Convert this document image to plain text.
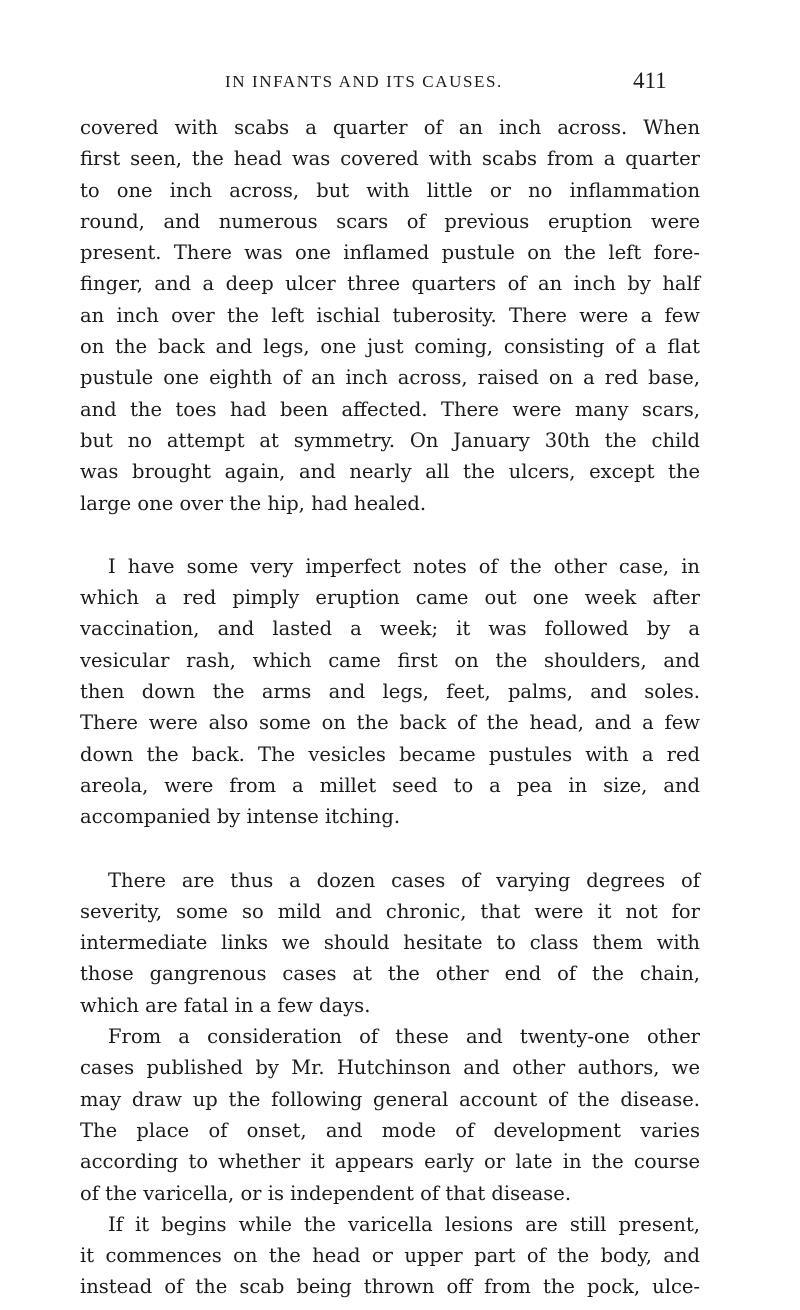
IN INFANTS AND ITS CAUSES.	411

covered with scabs a quarter of an inch across. When
first seen, the head was covered with scabs from a quarter
to one inch across, but with little or no inflammation
round, and numerous scars of previous eruption were
present. There was one inflamed pustule on the left fore-
finger, and a deep ulcer three quarters of an inch by half
an inch over the left ischial tuberosity. There were a few
on the back and legs, one just coming, consisting of a flat
pustule one eighth of an inch across, raised on a red base,
and the toes had been affected. There were many scars,
but no attempt at symmetry. On January 30th the child
was brought again, and nearly all the ulcers, except the
large one over the hip, had healed.

I have some very imperfect notes of the other case, in
which a red pimply eruption came out one week after
vaccination, and lasted a week; it was followed by a
vesicular rash, which came first on the shoulders, and
then down the arms and legs, feet, palms, and soles.
There were also some on the back of the head, and a few
down the back. The vesicles became pustules with a red
areola, were from a millet seed to a pea in size, and
accompanied by intense itching.

There are thus a dozen cases of varying degrees of
severity, some so mild and chronic, that were it not for
intermediate links we should hesitate to class them with
those gangrenous cases at the other end of the chain,
which are fatal in a few days.

From a consideration of these and twenty-one other
cases published by Mr. Hutchinson and other authors, we
may draw up the following general account of the disease.
The place of onset, and mode of development varies
according to whether it appears early or late in the course
of the varicella, or is independent of that disease.

If it begins while the varicella lesions are still present,
it commences on the head or upper part of the body, and
instead of the scab being thrown off from the pock, ulce-
